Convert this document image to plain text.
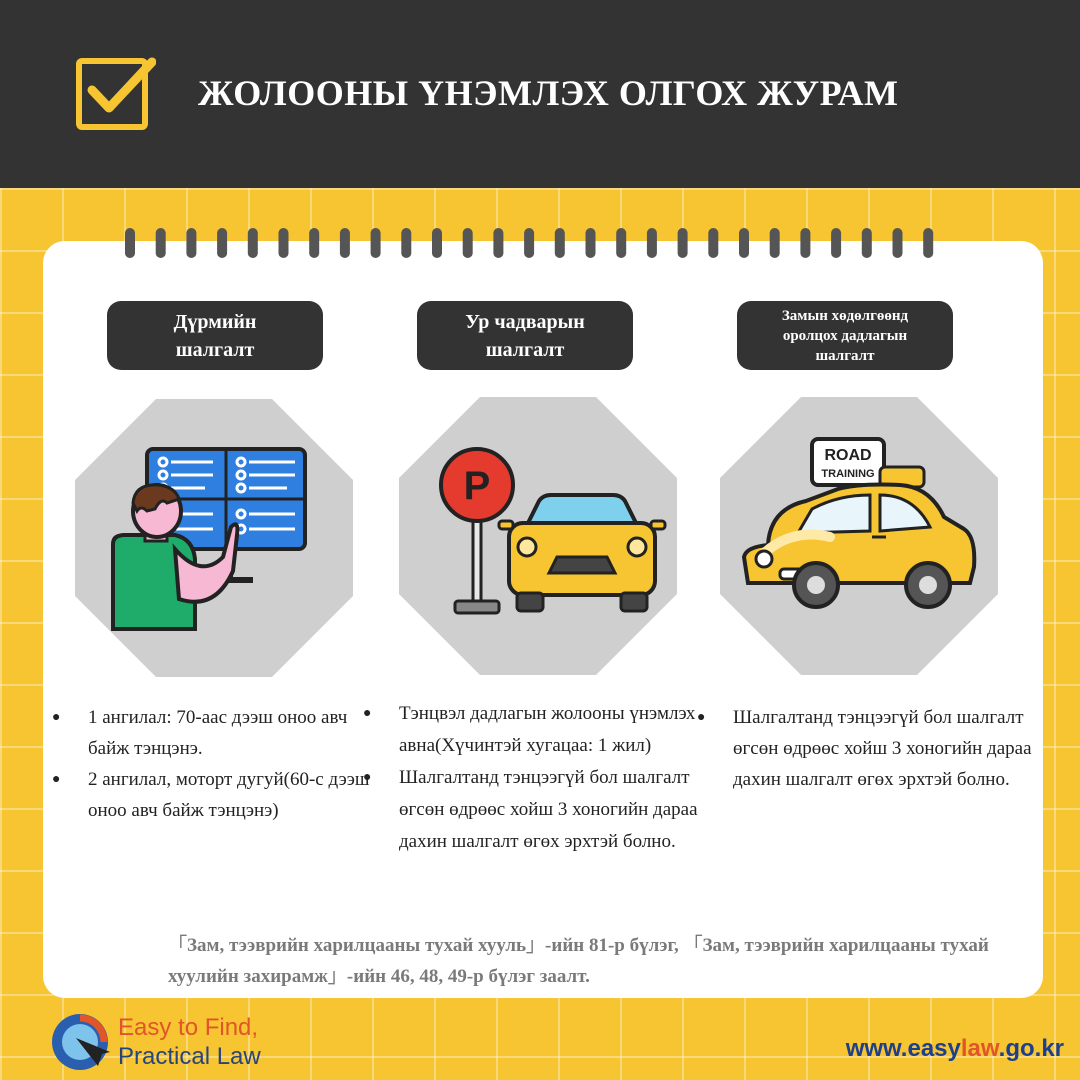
ЖОЛООНЫ ҮНЭМЛЭХ ОЛГОХ ЖУРАМ
Дүрмийн
шалгалт
● 1 ангилал: 70-аас дээш оноо авч байж тэнцэнэ.
● 2 ангилал, моторт дугуй(60-с дээш оноо авч байж тэнцэнэ)
Ур чадварын
шалгалт
P
● Тэнцвэл дадлагын жолооны үнэмлэх авна(Хүчинтэй хугацаа: 1 жил)
● Шалгалтанд тэнцээгүй бол шалгалт өгсөн өдрөөс хойш 3 хоногийн дараа дахин шалгалт өгөх эрхтэй болно.
Замын хөдөлгөөнд
оролцох дадлагын
шалгалт
ROAD
TRAINING
● Шалгалтанд тэнцээгүй бол шалгалт өгсөн өдрөөс хойш 3 хоногийн дараа дахин шалгалт өгөх эрхтэй болно.
「Зам, тээврийн харилцааны тухай хууль」-ийн 81-р бүлэг, 「Зам, тээврийн харилцааны тухай хуулийн захирамж」-ийн 46, 48, 49-р бүлэг заалт.
Easy to Find,
Practical Law	www.easylaw.go.kr
